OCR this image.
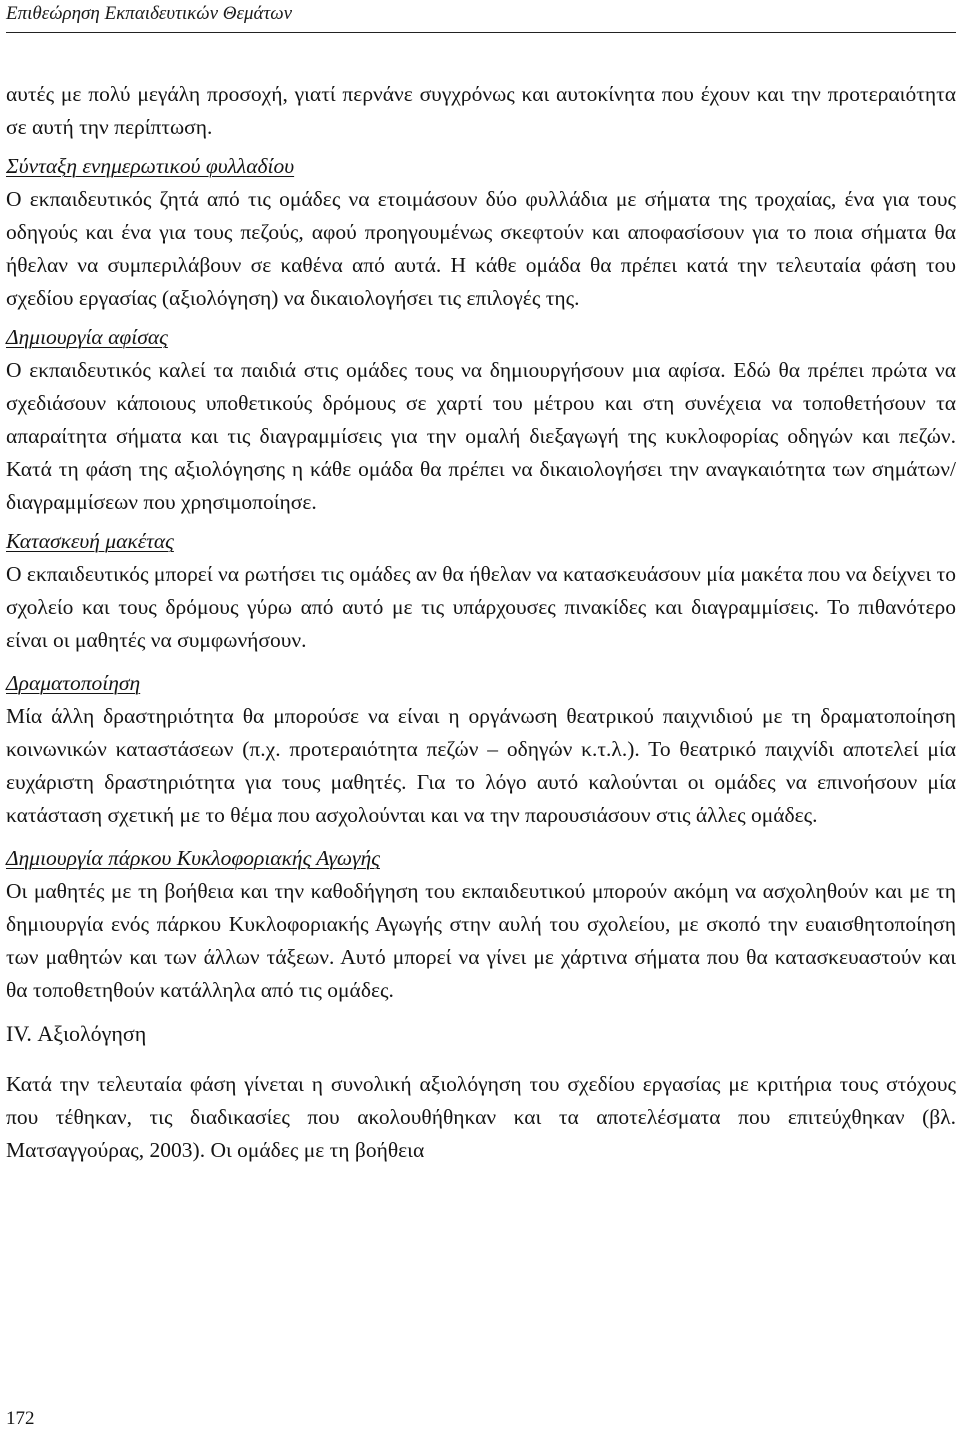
Επιθεώρηση Εκπαιδευτικών Θεμάτων

αυτές με πολύ μεγάλη προσοχή, γιατί περνάνε συγχρόνως και αυτοκίνητα που έχουν και την προτεραιότητα σε αυτή την περίπτωση.

Σύνταξη ενημερωτικού φυλλαδίου

Ο εκπαιδευτικός ζητά από τις ομάδες να ετοιμάσουν δύο φυλλάδια με σήματα της τροχαίας, ένα για τους οδηγούς και ένα για τους πεζούς, αφού προηγουμένως σκεφτούν και αποφασίσουν για το ποια σήματα θα ήθελαν να συμπεριλάβουν σε καθένα από αυτά. Η κάθε ομάδα θα πρέπει κατά την τελευταία φάση του σχεδίου εργασίας (αξιολόγηση) να δικαιολογήσει τις επιλογές της.

Δημιουργία αφίσας

Ο εκπαιδευτικός καλεί τα παιδιά στις ομάδες τους να δημιουργήσουν μια αφίσα. Εδώ θα πρέπει πρώτα να σχεδιάσουν κάποιους υποθετικούς δρόμους σε χαρτί του μέτρου και στη συνέχεια να τοποθετήσουν τα απαραίτητα σήματα και τις διαγραμμίσεις για την ομαλή διεξαγωγή της κυκλοφορίας οδηγών και πεζών. Κατά τη φάση της αξιολόγησης η κάθε ομάδα θα πρέπει να δικαιολογήσει την αναγκαιότητα των σημάτων/ διαγραμμίσεων που χρησιμοποίησε.

Κατασκευή μακέτας

Ο εκπαιδευτικός μπορεί να ρωτήσει τις ομάδες αν θα ήθελαν να κατασκευάσουν μία μακέτα που να δείχνει το σχολείο και τους δρόμους γύρω από αυτό με τις υπάρχουσες πινακίδες και διαγραμμίσεις. Το πιθανότερο είναι οι μαθητές να συμφωνήσουν.

Δραματοποίηση

Μία άλλη δραστηριότητα θα μπορούσε να είναι η οργάνωση θεατρικού παιχνιδιού με τη δραματοποίηση κοινωνικών καταστάσεων (π.χ. προτεραιότητα πεζών – οδηγών κ.τ.λ.). Το θεατρικό παιχνίδι αποτελεί μία ευχάριστη δραστηριότητα για τους μαθητές. Για το λόγο αυτό καλούνται οι ομάδες να επινοήσουν μία κατάσταση σχετική με το θέμα που ασχολούνται και να την παρουσιάσουν στις άλλες ομάδες.

Δημιουργία πάρκου Κυκλοφοριακής Αγωγής

Οι μαθητές με τη βοήθεια και την καθοδήγηση του εκπαιδευτικού μπορούν ακόμη να ασχοληθούν και με τη δημιουργία ενός πάρκου Κυκλοφοριακής Αγωγής στην αυλή του σχολείου, με σκοπό την ευαισθητοποίηση των μαθητών και των άλλων τάξεων. Αυτό μπορεί να γίνει με χάρτινα σήματα που θα κατασκευαστούν και θα τοποθετηθούν κατάλληλα από τις ομάδες.

IV. Αξιολόγηση

Κατά την τελευταία φάση γίνεται η συνολική αξιολόγηση του σχεδίου εργασίας με κριτήρια τους στόχους που τέθηκαν, τις διαδικασίες που ακολουθήθηκαν και τα αποτελέσματα που επιτεύχθηκαν (βλ. Ματσαγγούρας, 2003). Οι ομάδες με τη βοήθεια

172
